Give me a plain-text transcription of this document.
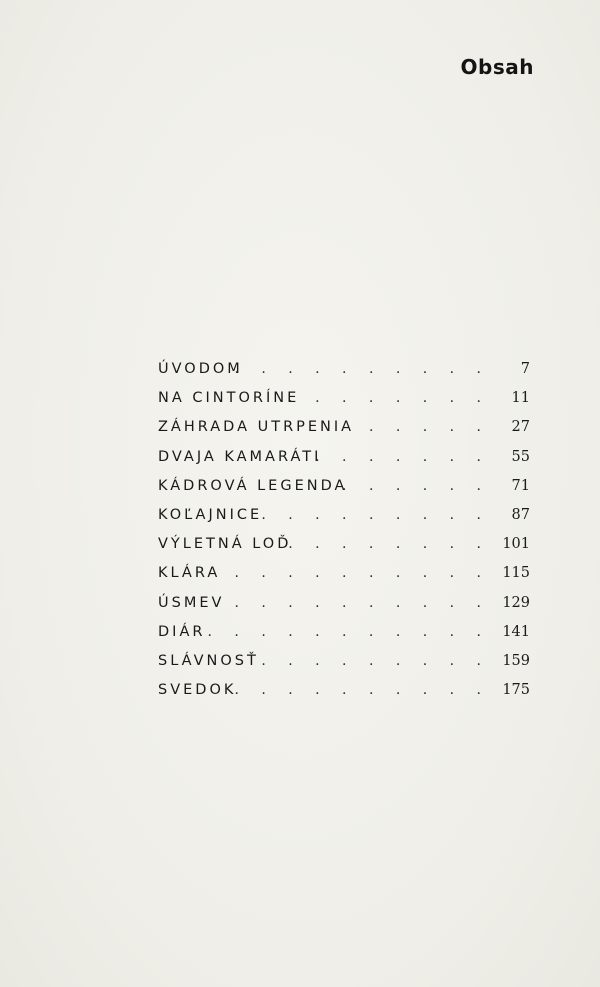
Obsah
ÚVODOM
. . . . . . . . . . 7
NA CINTORÍNE
. . . . . . . . 11
ZÁHRADA UTRPENIA . . . . . 27
DVAJA KAMARÁTI
. . . . . . . 55
KÁDROVÁ LEGENDA
. . . . . . 71
KOĽAJNICE . . . . . . . . . 87
VÝLETNÁ LOĎ
. . . . . . . . 101
KLÁRA . . . . . . . . . . 115
ÚSMEV . . . . . . . . . . 129
DIÁR . . . . . . . . . . . 141
SLÁVNOSŤ . . . . . . . . . 159
SVEDOK
. . . . . . . . . . 175
